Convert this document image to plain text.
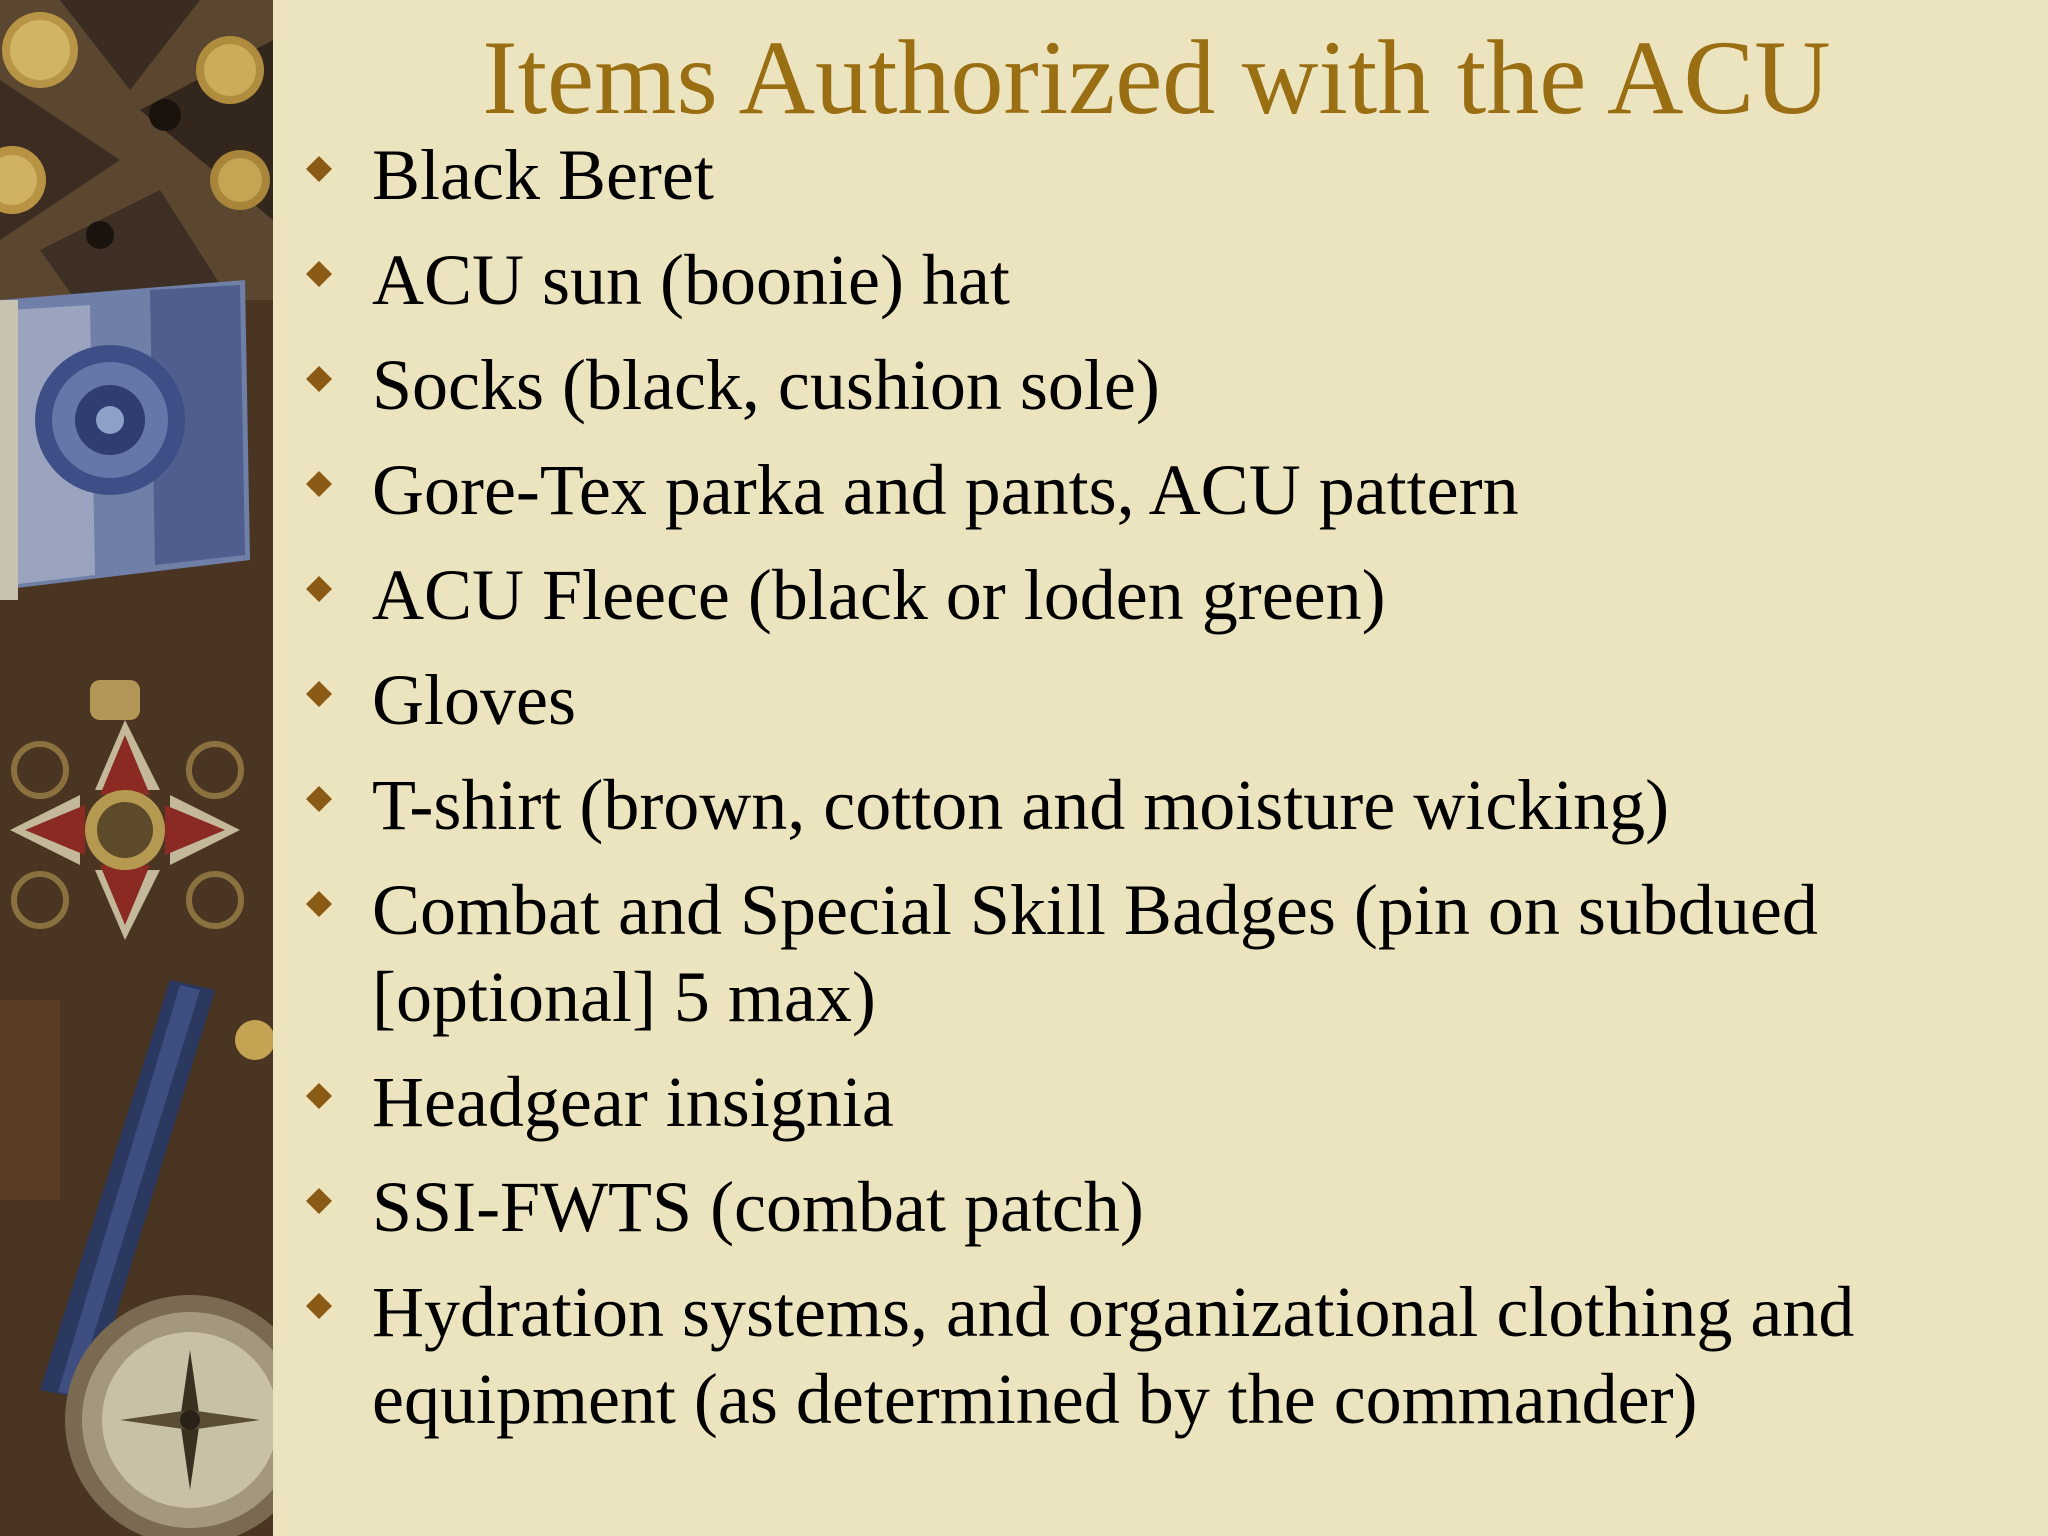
Items Authorized with the ACU
Black Beret
ACU sun (boonie) hat
Socks (black, cushion sole)
Gore-Tex parka and pants, ACU pattern
ACU Fleece (black or loden green)
Gloves
T-shirt (brown, cotton and moisture wicking)
Combat and Special Skill Badges (pin on subdued [optional] 5 max)
Headgear insignia
SSI-FWTS (combat patch)
Hydration systems, and organizational clothing and equipment (as determined by the commander)
